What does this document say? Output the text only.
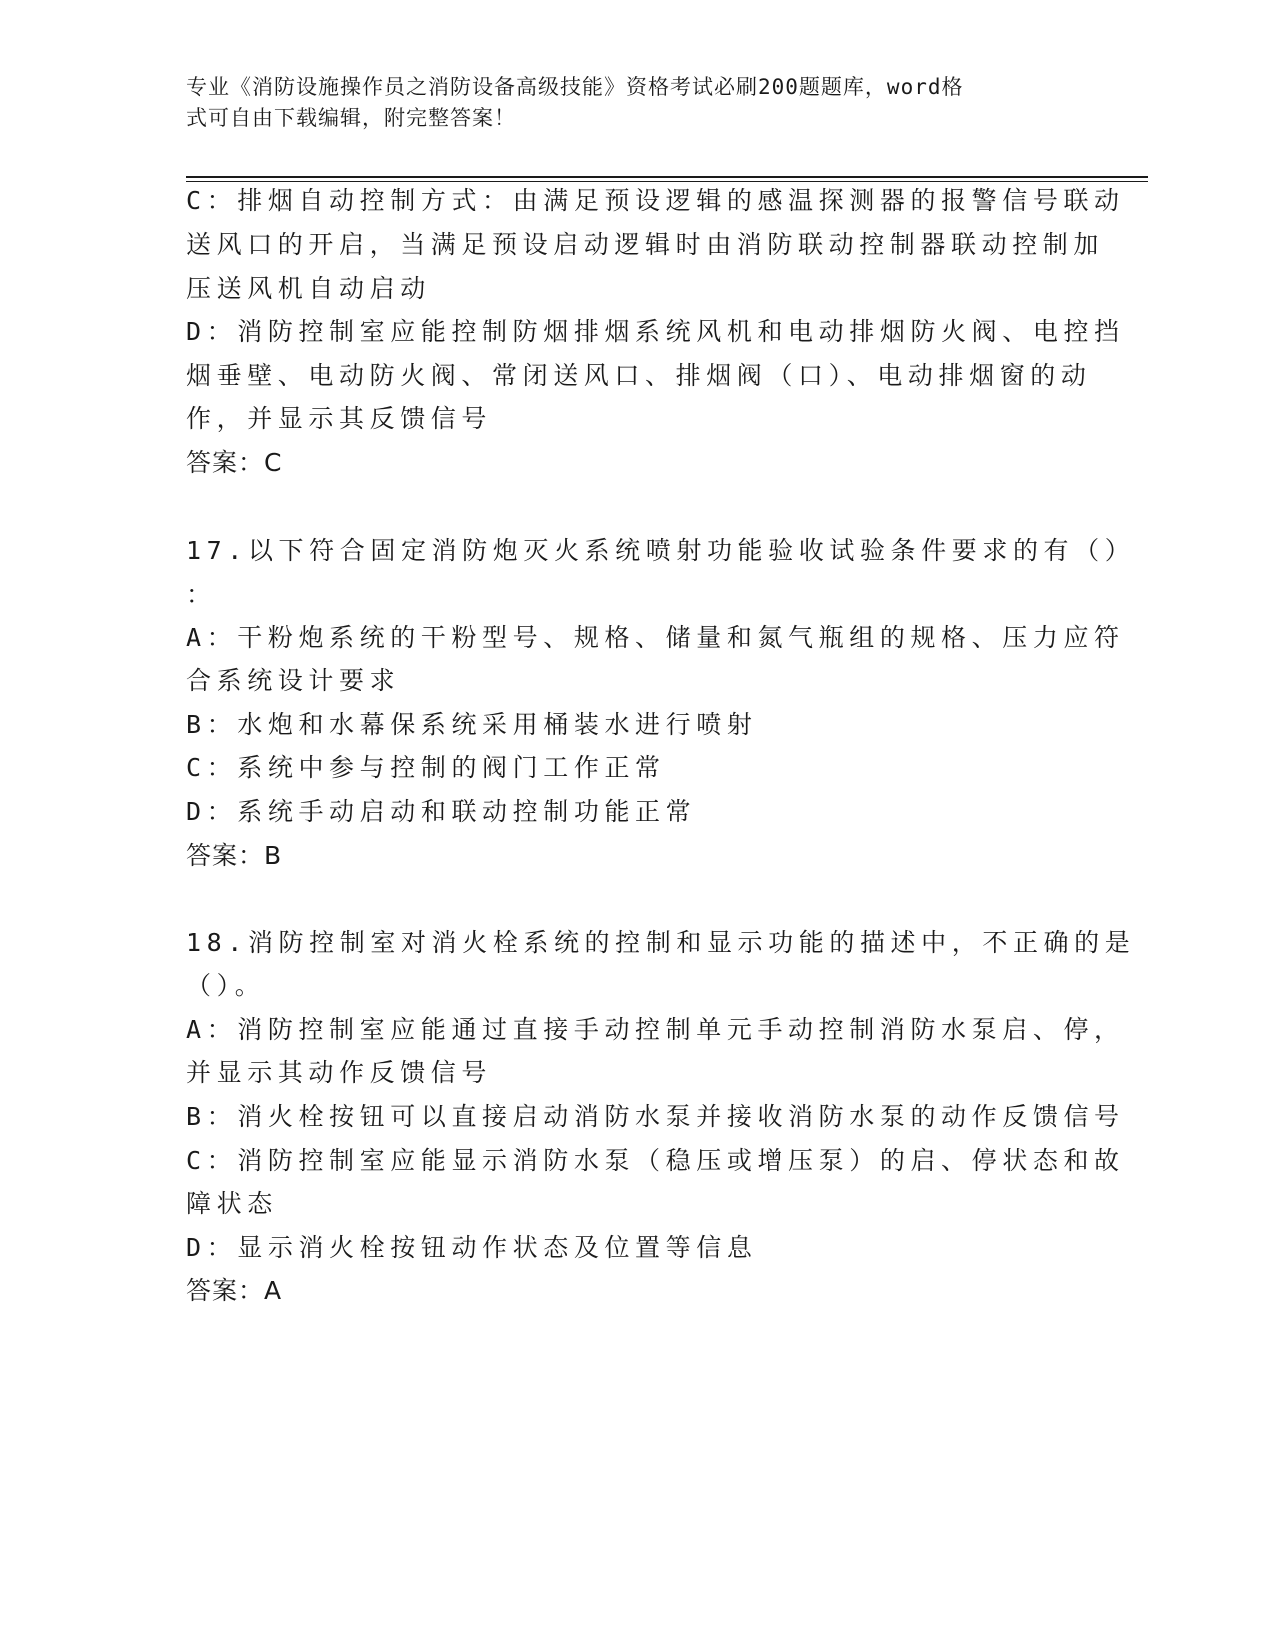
专业《消防设施操作员之消防设备高级技能》资格考试必刷200题题库，word格
式可自由下载编辑，附完整答案！
C：排烟自动控制方式：由满足预设逻辑的感温探测器的报警信号联动
送风口的开启，当满足预设启动逻辑时由消防联动控制器联动控制加
压送风机自动启动
D：消防控制室应能控制防烟排烟系统风机和电动排烟防火阀、电控挡
烟垂壁、电动防火阀、常闭送风口、排烟阀（口）、电动排烟窗的动
作，并显示其反馈信号
答案：C
17.以下符合固定消防炮灭火系统喷射功能验收试验条件要求的有（）
：
A：干粉炮系统的干粉型号、规格、储量和氮气瓶组的规格、压力应符
合系统设计要求
B：水炮和水幕保系统采用桶装水进行喷射
C：系统中参与控制的阀门工作正常
D：系统手动启动和联动控制功能正常
答案：B
18.消防控制室对消火栓系统的控制和显示功能的描述中，不正确的是
（）。
A：消防控制室应能通过直接手动控制单元手动控制消防水泵启、停，
并显示其动作反馈信号
B：消火栓按钮可以直接启动消防水泵并接收消防水泵的动作反馈信号
C：消防控制室应能显示消防水泵（稳压或增压泵）的启、停状态和故
障状态
D：显示消火栓按钮动作状态及位置等信息
答案：A
